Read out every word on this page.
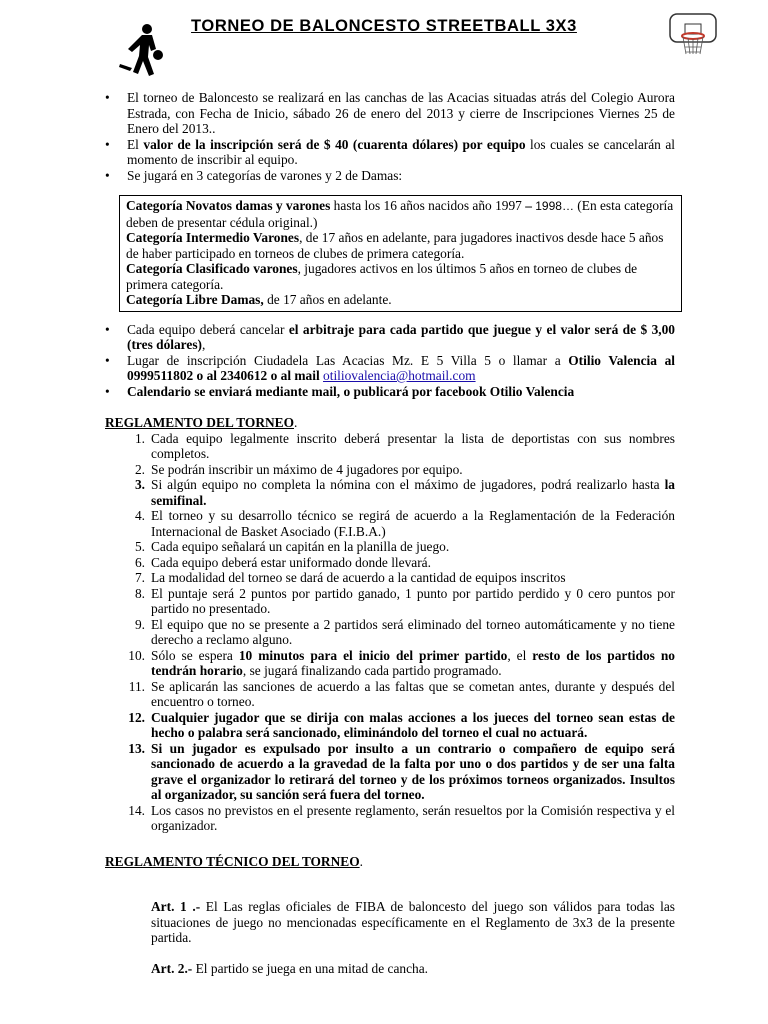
TORNEO DE BALONCESTO STREETBALL 3X3
• El torneo de Baloncesto se realizará en las canchas de las Acacias situadas atrás del Colegio Aurora Estrada, con Fecha de Inicio, sábado 26 de enero del 2013 y cierre de Inscripciones Viernes 25 de Enero del 2013..
• El valor de la inscripción será de $ 40 (cuarenta dólares) por equipo los cuales se cancelarán al momento de inscribir al equipo.
• Se jugará en 3 categorías de varones y 2 de Damas:

Categoría Novatos damas y varones hasta los 16 años nacidos año 1997 – 1998… (En esta categoría deben de presentar cédula original.)

Categoría Intermedio Varones, de 17 años en adelante, para jugadores inactivos desde hace 5 años de haber participado en torneos de clubes de primera categoría.

Categoría Clasificado varones, jugadores activos en los últimos 5 años en torneo de clubes de primera categoría.

Categoría Libre Damas, de 17 años en adelante.

• Cada equipo deberá cancelar el arbitraje para cada partido que juegue y el valor será de $ 3,00 (tres dólares),
• Lugar de inscripción Ciudadela Las Acacias Mz. E 5 Villa 5 o llamar a Otilio Valencia al 0999511802 o al 2340612 o al mail otiliovalencia@hotmail.com
• Calendario se enviará mediante mail, o publicará por facebook Otilio Valencia
REGLAMENTO DEL TORNEO.
1. Cada equipo legalmente inscrito deberá presentar la lista de deportistas con sus nombres completos.
2. Se podrán inscribir un máximo de 4 jugadores por equipo.
3. Si algún equipo no completa la nómina con el máximo de jugadores, podrá realizarlo hasta la semifinal.
4. El torneo y su desarrollo técnico se regirá de acuerdo a la Reglamentación de la Federación Internacional de Basket Asociado (F.I.B.A.)
5. Cada equipo señalará un capitán en la planilla de juego.
6. Cada equipo deberá estar uniformado donde llevará.
7. La modalidad del torneo se dará de acuerdo a la cantidad de equipos inscritos
8. El puntaje será 2 puntos por partido ganado, 1 punto por partido perdido y 0 cero puntos por partido no presentado.
9. El equipo que no se presente a 2 partidos será eliminado del torneo automáticamente y no tiene derecho a reclamo alguno.
10. Sólo se espera 10 minutos para el inicio del primer partido, el resto de los partidos no tendrán horario, se jugará finalizando cada partido programado.
11. Se aplicarán las sanciones de acuerdo a las faltas que se cometan antes, durante y después del encuentro o torneo.
12. Cualquier jugador que se dirija con malas acciones a los jueces del torneo sean estas de hecho o palabra será sancionado, eliminándolo del torneo el cual no actuará.
13. Si un jugador es expulsado por insulto a un contrario o compañero de equipo será sancionado de acuerdo a la gravedad de la falta por uno o dos partidos y de ser una falta grave el organizador lo retirará del torneo y de los próximos torneos organizados. Insultos al organizador, su sanción será fuera del torneo.
14. Los casos no previstos en el presente reglamento, serán resueltos por la Comisión respectiva y el organizador.
REGLAMENTO TÉCNICO DEL TORNEO.

Art. 1 .- El Las reglas oficiales de FIBA de baloncesto del juego son válidos para todas las situaciones de juego no mencionadas específicamente en el Reglamento de 3x3 de la presente partida.

Art. 2.- El partido se juega en una mitad de cancha.
